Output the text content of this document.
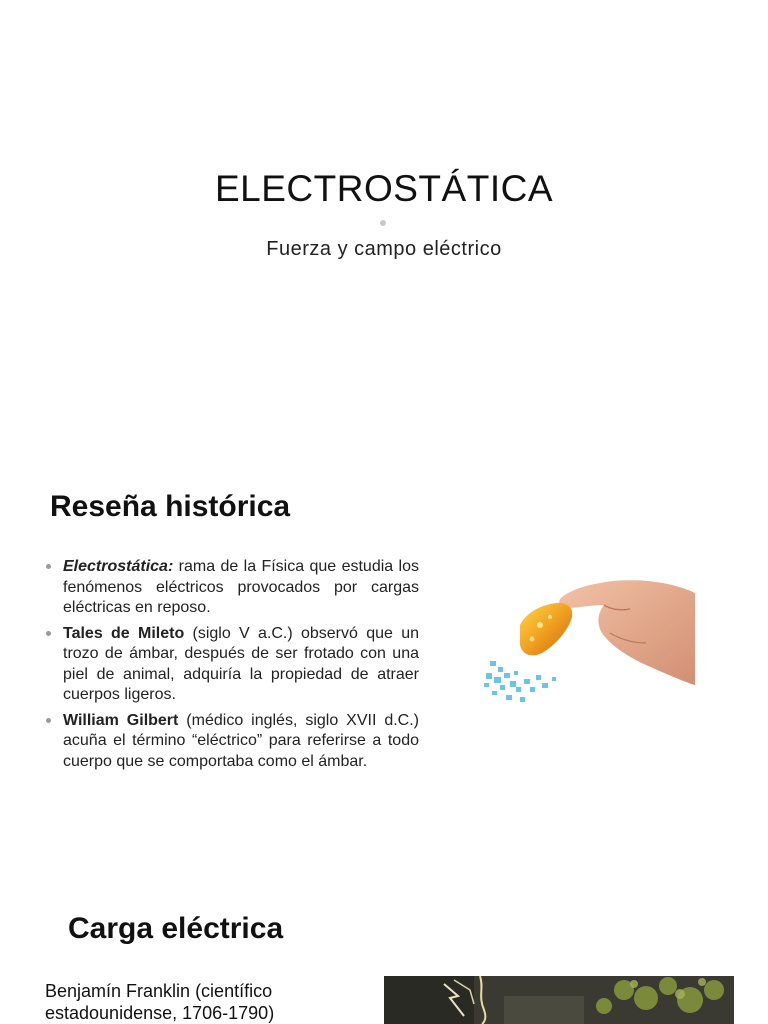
ELECTROSTÁTICA
Fuerza y campo eléctrico
Reseña histórica
Electrostática: rama de la Física que estudia los fenómenos eléctricos provocados por cargas eléctricas en reposo.
Tales de Mileto (siglo V a.C.) observó que un trozo de ámbar, después de ser frotado con una piel de animal, adquiría la propiedad de atraer cuerpos ligeros.
William Gilbert (médico inglés, siglo XVII d.C.) acuña el término “eléctrico” para referirse a todo cuerpo que se comportaba como el ámbar.
Carga eléctrica
Benjamín Franklin (científico estadounidense, 1706-1790)
